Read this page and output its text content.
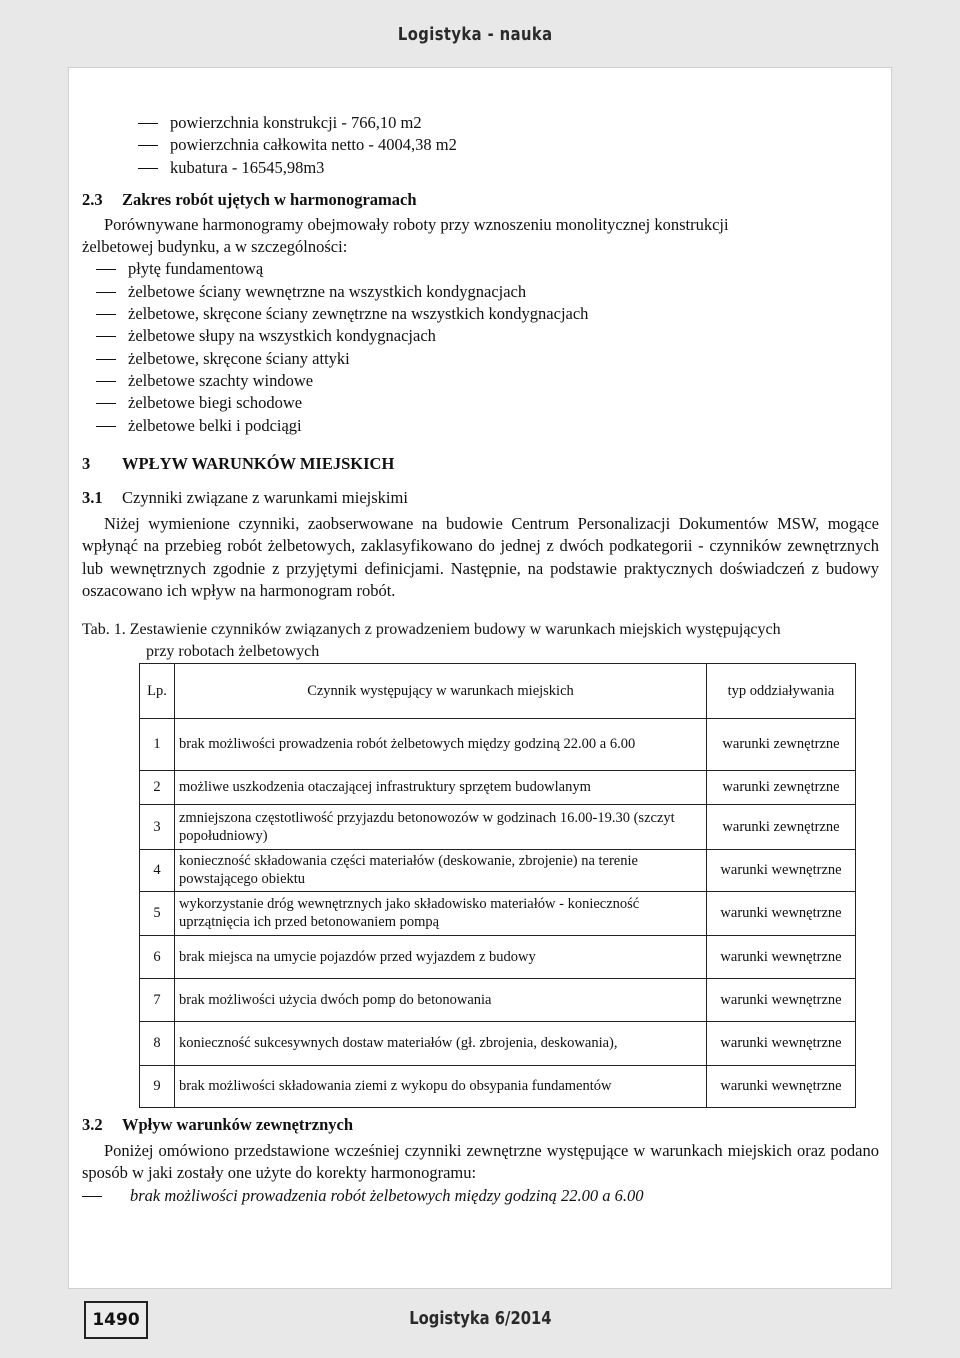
Logistyka - nauka
powierzchnia konstrukcji - 766,10 m2
powierzchnia całkowita netto - 4004,38 m2
kubatura - 16545,98m3
2.3 Zakres robót ujętych w harmonogramach
Porównywane harmonogramy obejmowały roboty przy wznoszeniu monolitycznej konstrukcji
żelbetowej budynku, a w szczególności:
płytę fundamentową
żelbetowe ściany wewnętrzne na wszystkich kondygnacjach
żelbetowe, skręcone ściany zewnętrzne na wszystkich kondygnacjach
żelbetowe słupy na wszystkich kondygnacjach
żelbetowe, skręcone ściany attyki
żelbetowe szachty windowe
żelbetowe biegi schodowe
żelbetowe belki i podciągi
3 WPŁYW WARUNKÓW MIEJSKICH
3.1 Czynniki związane z warunkami miejskimi
Niżej wymienione czynniki, zaobserwowane na budowie Centrum Personalizacji Dokumentów MSW, mogące wpłynąć na przebieg robót żelbetowych, zaklasyfikowano do jednej z dwóch podkategorii - czynników zewnętrznych lub wewnętrznych zgodnie z przyjętymi definicjami. Następnie, na podstawie praktycznych doświadczeń z budowy oszacowano ich wpływ na harmonogram robót.
Tab. 1. Zestawienie czynników związanych z prowadzeniem budowy w warunkach miejskich występujących
przy robotach żelbetowych
Lp.	Czynnik występujący w warunkach miejskich	typ oddziaływania
1	brak możliwości prowadzenia robót żelbetowych między godziną 22.00 a 6.00	warunki zewnętrzne
2	możliwe uszkodzenia otaczającej infrastruktury sprzętem budowlanym	warunki zewnętrzne
3	zmniejszona częstotliwość przyjazdu betonowozów w godzinach 16.00-19.30 (szczyt popołudniowy)	warunki zewnętrzne
4	konieczność składowania części materiałów (deskowanie, zbrojenie) na terenie powstającego obiektu	warunki wewnętrzne
5	wykorzystanie dróg wewnętrznych jako składowisko materiałów - konieczność uprzątnięcia ich przed betonowaniem pompą	warunki wewnętrzne
6	brak miejsca na umycie pojazdów przed wyjazdem z budowy	warunki wewnętrzne
7	brak możliwości użycia dwóch pomp do betonowania	warunki wewnętrzne
8	konieczność sukcesywnych dostaw materiałów (gł. zbrojenia, deskowania),	warunki wewnętrzne
9	brak możliwości składowania ziemi z wykopu do obsypania fundamentów	warunki wewnętrzne
3.2 Wpływ warunków zewnętrznych
Poniżej omówiono przedstawione wcześniej czynniki zewnętrzne występujące w warunkach miejskich oraz podano sposób w jaki zostały one użyte do korekty harmonogramu:
brak możliwości prowadzenia robót żelbetowych między godziną 22.00 a 6.00
1490	Logistyka 6/2014
